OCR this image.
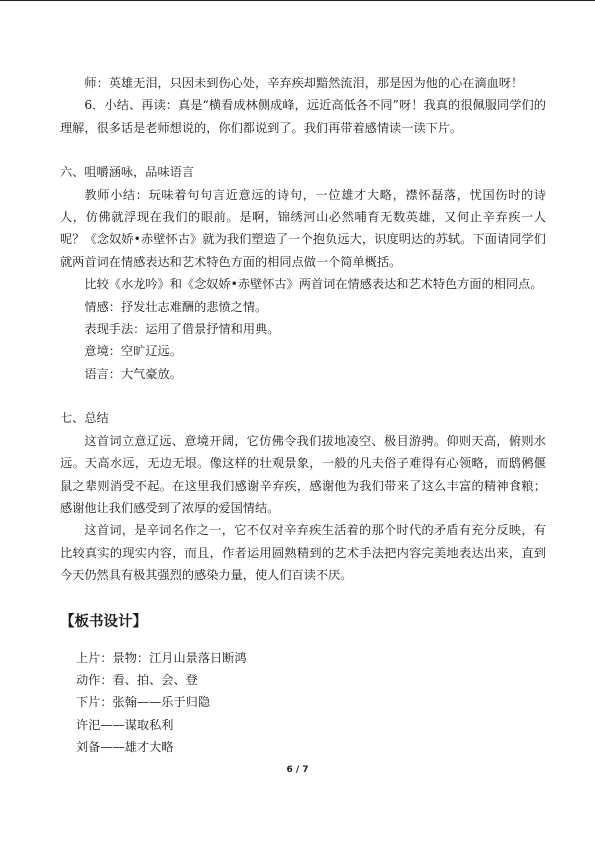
师：英雄无泪，只因未到伤心处，辛弃疾却黯然流泪，那是因为他的心在滴血呀！

6．小结、再读：真是“横看成林侧成峰，远近高低各不同”呀！我真的很佩服同学们的理解，很多话是老师想说的，你们都说到了。我们再带着感情读一读下片。

六、咀嚼涵咏，品味语言

教师小结：玩味着句句言近意远的诗句，一位雄才大略，襟怀磊落，忧国伤时的诗人，仿佛就浮现在我们的眼前。是啊，锦绣河山必然哺育无数英雄，又何止辛弃疾一人呢？《念奴娇•赤壁怀古》就为我们塑造了一个抱负远大，识度明达的苏轼。下面请同学们就两首词在情感表达和艺术特色方面的相同点做一个简单概括。

比较《水龙吟》和《念奴娇•赤壁怀古》两首词在情感表达和艺术特色方面的相同点。

情感：抒发壮志难酬的悲愤之情。

表现手法：运用了借景抒情和用典。

意境：空旷辽远。

语言：大气豪放。

七、总结

这首词立意辽远、意境开阔，它仿佛令我们拔地凌空、极目游骋。仰则天高，俯则水远。天高水远，无边无垠。像这样的壮观景象，一般的凡夫俗子难得有心领略，而鸱鸺偃鼠之辈则消受不起。在这里我们感谢辛弃疾，感谢他为我们带来了这么丰富的精神食粮；感谢他让我们感受到了浓厚的爱国情结。

这首词，是辛词名作之一，它不仅对辛弃疾生活着的那个时代的矛盾有充分反映，有比较真实的现实内容，而且，作者运用圆熟精到的艺术手法把内容完美地表达出来，直到今天仍然具有极其强烈的感染力量，使人们百读不厌。

【板书设计】

上片：景物：江月山景落日断鸿

动作：看、拍、会、登

下片：张翰——乐于归隐

许汜——谋取私利

刘备——雄才大略

6 / 7
